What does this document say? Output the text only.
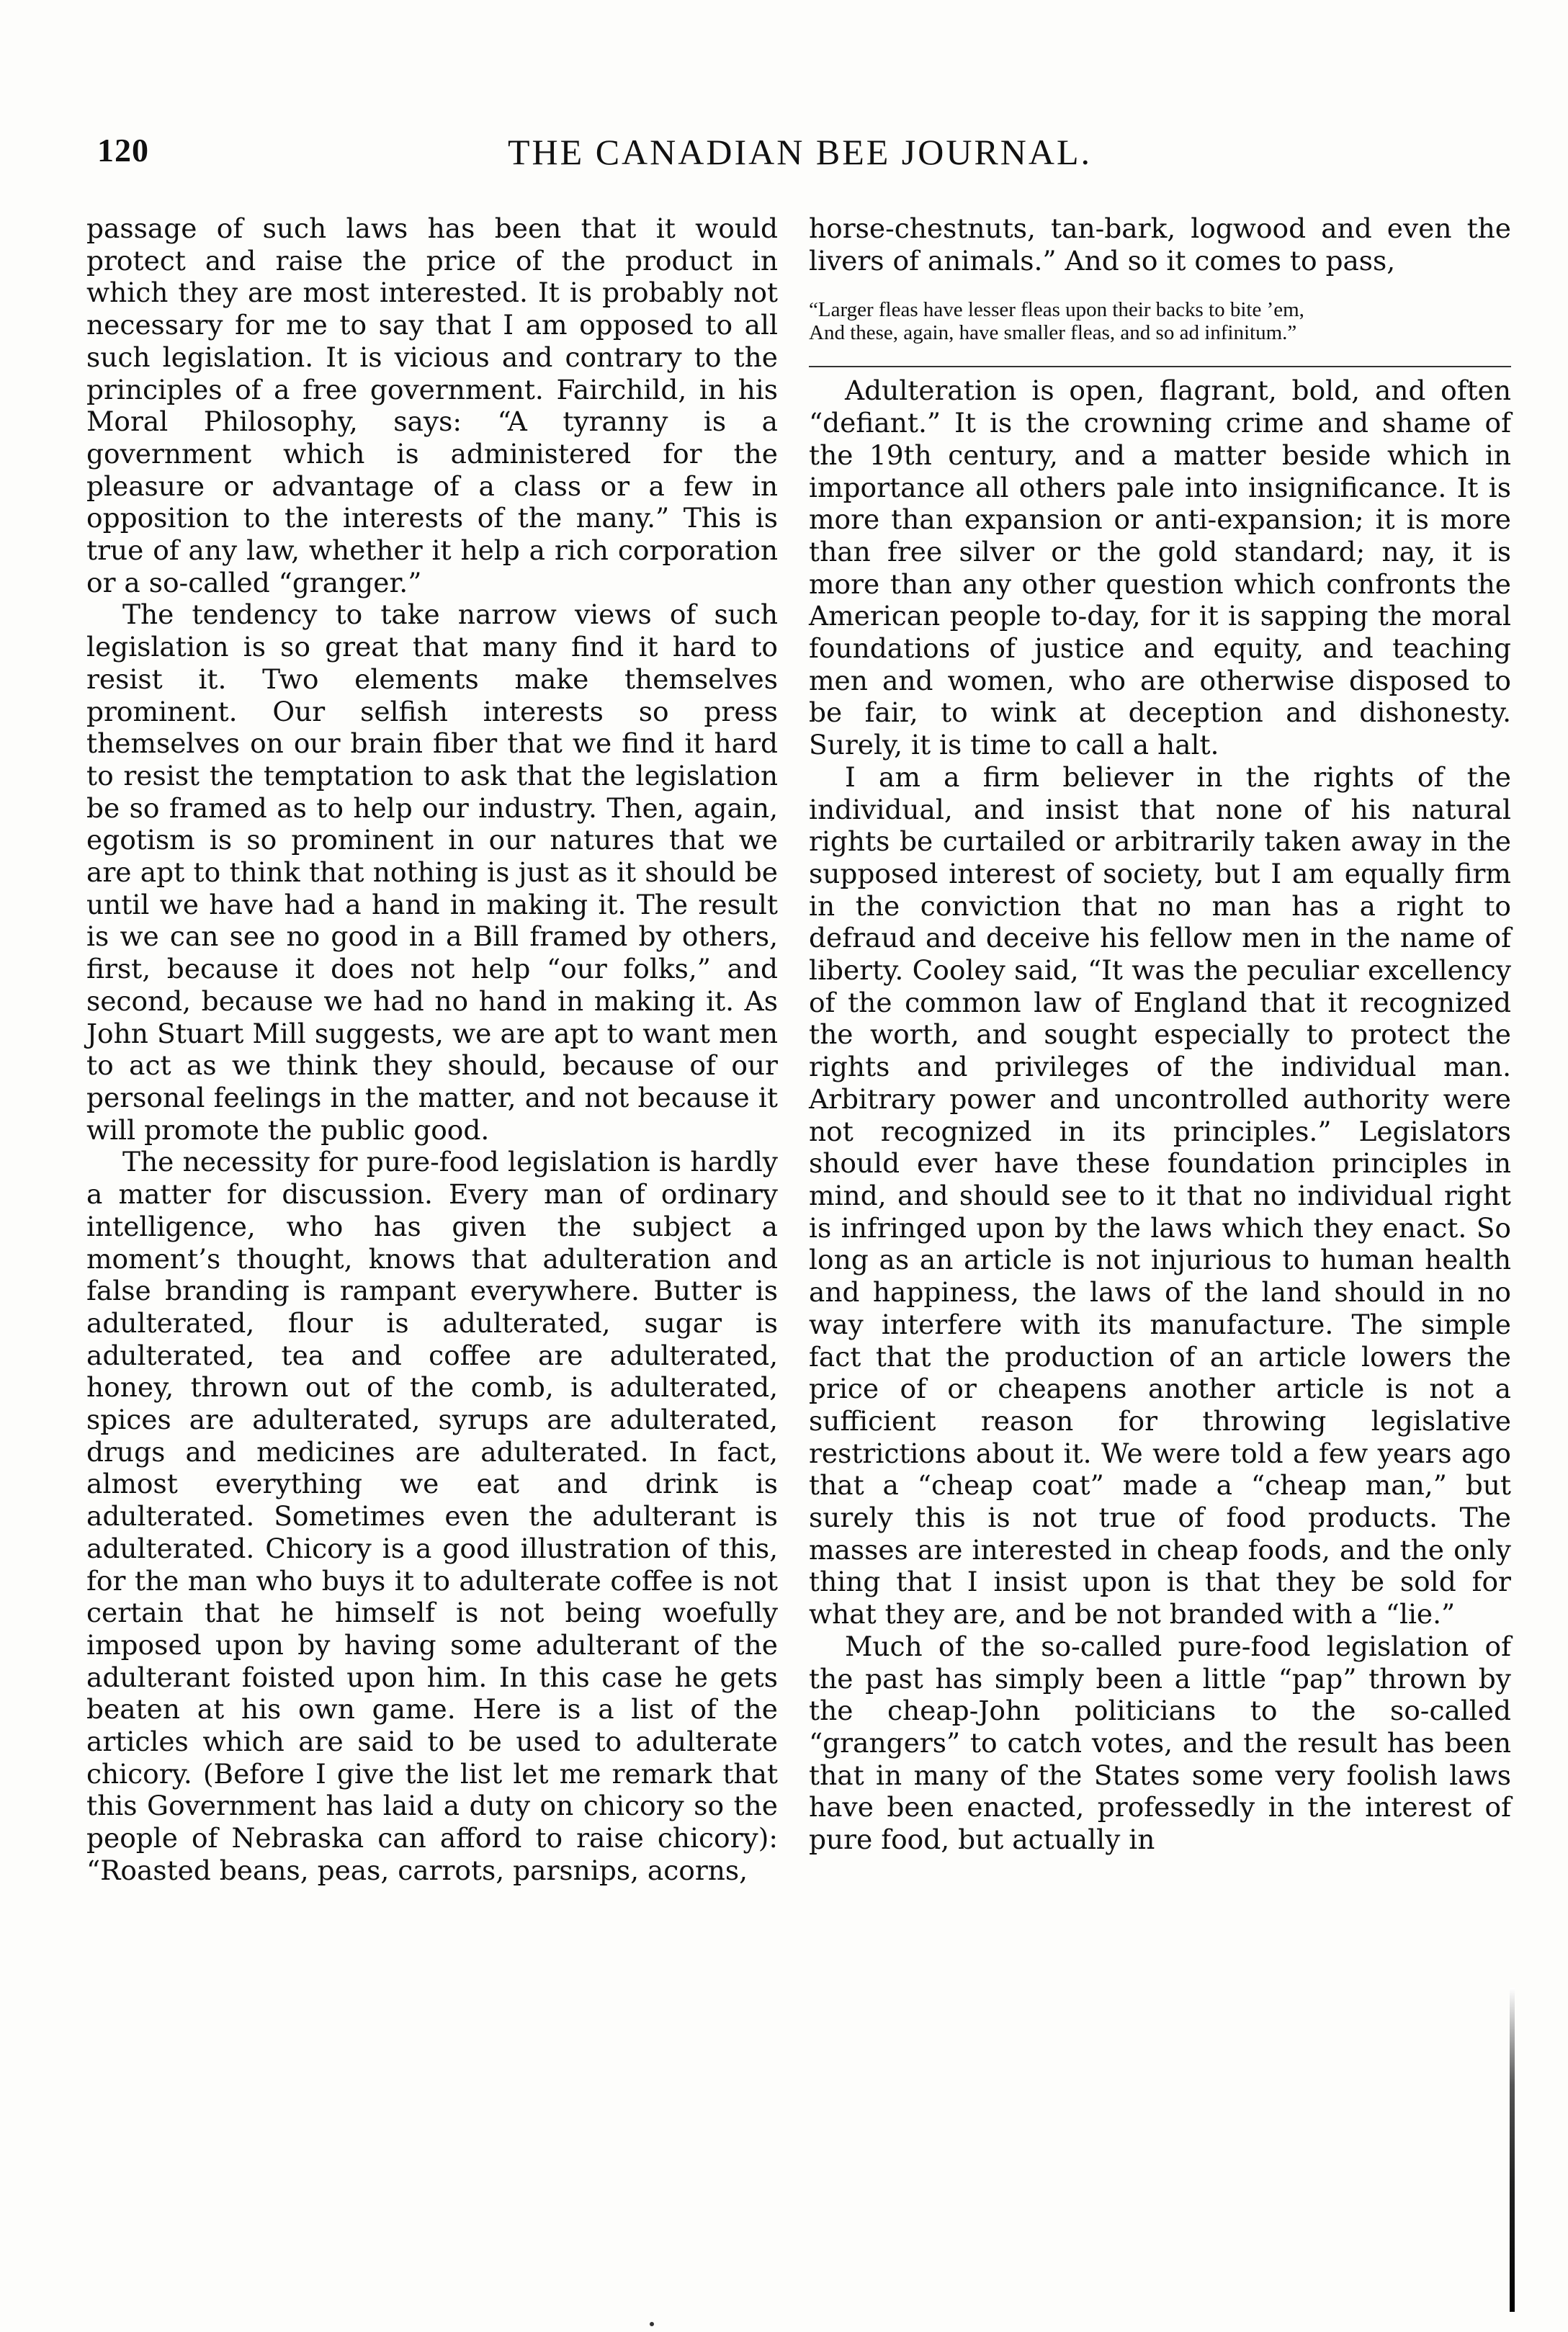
120	THE CANADIAN BEE JOURNAL.

passage of such laws has been that it would protect and raise the price of the product in which they are most interested. It is probably not necessary for me to say that I am opposed to all such legislation. It is vicious and contrary to the principles of a free government. Fairchild, in his Moral Philosophy, says: “A tyranny is a government which is administered for the pleasure or advantage of a class or a few in opposition to the interests of the many.” This is true of any law, whether it help a rich corporation or a so-called “granger.”

The tendency to take narrow views of such legislation is so great that many find it hard to resist it. Two elements make themselves prominent. Our selfish interests so press themselves on our brain fiber that we find it hard to resist the temptation to ask that the legislation be so framed as to help our industry. Then, again, egotism is so prominent in our natures that we are apt to think that nothing is just as it should be until we have had a hand in making it. The result is we can see no good in a Bill framed by others, first, because it does not help “our folks,” and second, because we had no hand in making it. As John Stuart Mill suggests, we are apt to want men to act as we think they should, because of our personal feelings in the matter, and not because it will promote the public good.

The necessity for pure-food legislation is hardly a matter for discussion. Every man of ordinary intelligence, who has given the subject a moment’s thought, knows that adulteration and false branding is rampant everywhere. Butter is adulterated, flour is adulterated, sugar is adulterated, tea and coffee are adulterated, honey, thrown out of the comb, is adulterated, spices are adulterated, syrups are adulterated, drugs and medicines are adulterated. In fact, almost everything we eat and drink is adulterated. Sometimes even the adulterant is adulterated. Chicory is a good illustration of this, for the man who buys it to adulterate coffee is not certain that he himself is not being woefully imposed upon by having some adulterant of the adulterant foisted upon him. In this case he gets beaten at his own game. Here is a list of the articles which are said to be used to adulterate chicory. (Before I give the list let me remark that this Government has laid a duty on chicory so the people of Nebraska can afford to raise chicory): “Roasted beans, peas, carrots, parsnips, acorns,

horse-chestnuts, tan-bark, logwood and even the livers of animals.” And so it comes to pass,

“Larger fleas have lesser fleas upon their backs to bite ’em,
And these, again, have smaller fleas, and so ad infinitum.”

Adulteration is open, flagrant, bold, and often “defiant.” It is the crowning crime and shame of the 19th century, and a matter beside which in importance all others pale into insignificance. It is more than expansion or anti-expansion; it is more than free silver or the gold standard; nay, it is more than any other question which confronts the American people to-day, for it is sapping the moral foundations of justice and equity, and teaching men and women, who are otherwise disposed to be fair, to wink at deception and dishonesty. Surely, it is time to call a halt.

I am a firm believer in the rights of the individual, and insist that none of his natural rights be curtailed or arbitrarily taken away in the supposed interest of society, but I am equally firm in the conviction that no man has a right to defraud and deceive his fellow men in the name of liberty. Cooley said, “It was the peculiar excellency of the common law of England that it recognized the worth, and sought especially to protect the rights and privileges of the individual man. Arbitrary power and uncontrolled authority were not recognized in its principles.” Legislators should ever have these foundation principles in mind, and should see to it that no individual right is infringed upon by the laws which they enact. So long as an article is not injurious to human health and happiness, the laws of the land should in no way interfere with its manufacture. The simple fact that the production of an article lowers the price of or cheapens another article is not a sufficient reason for throwing legislative restrictions about it. We were told a few years ago that a “cheap coat” made a “cheap man,” but surely this is not true of food products. The masses are interested in cheap foods, and the only thing that I insist upon is that they be sold for what they are, and be not branded with a “lie.”

Much of the so-called pure-food legislation of the past has simply been a little “pap” thrown by the cheap-John politicians to the so-called “grangers” to catch votes, and the result has been that in many of the States some very foolish laws have been enacted, professedly in the interest of pure food, but actually in
